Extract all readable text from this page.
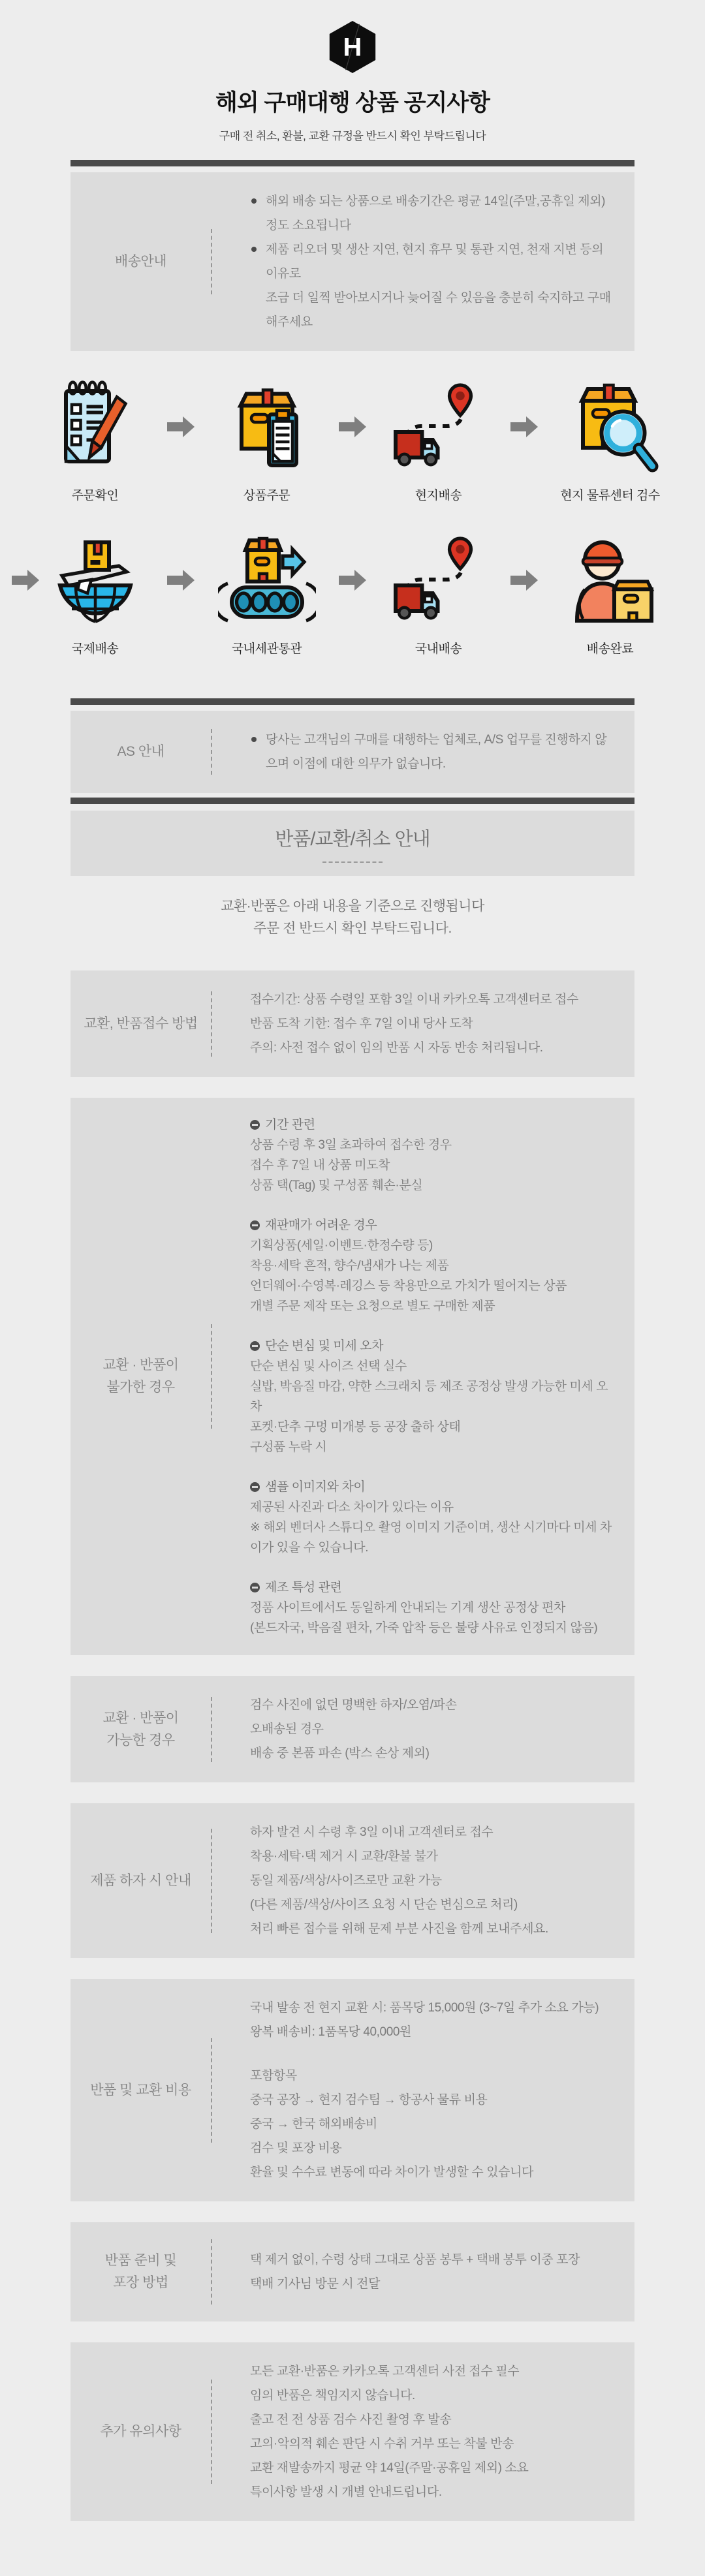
H
해외 구매대행 상품 공지사항
구매 전 취소, 환불, 교환 규정을 반드시 확인 부탁드립니다
배송안내
해외 배송 되는 상품으로 배송기간은 평균 14일(주말,공휴일 제외) 정도 소요됩니다
제품 리오더 및 생산 지연, 현지 휴무 및 통관 지연, 천재 지변 등의 이유로
조금 더 일찍 받아보시거나 늦어질 수 있음을 충분히 숙지하고 구매해주세요
주문확인	상품주문	현지배송	현지 물류센터 검수
국제배송	국내세관통관	국내배송	배송완료
AS 안내
당사는 고객님의 구매를 대행하는 업체로, A/S 업무를 진행하지 않으며 이점에 대한 의무가 없습니다.
반품/교환/취소 안내
교환·반품은 아래 내용을 기준으로 진행됩니다
주문 전 반드시 확인 부탁드립니다.
교환, 반품접수 방법
접수기간: 상품 수령일 포함 3일 이내 카카오톡 고객센터로 접수
반품 도착 기한: 접수 후 7일 이내 당사 도착
주의: 사전 접수 없이 임의 반품 시 자동 반송 처리됩니다.
교환 · 반품이
불가한 경우
기간 관련
상품 수령 후 3일 초과하여 접수한 경우
접수 후 7일 내 상품 미도착
상품 택(Tag) 및 구성품 훼손·분실
재판매가 어려운 경우
기획상품(세일·이벤트·한정수량 등)
착용·세탁 흔적, 향수/냄새가 나는 제품
언더웨어·수영복·레깅스 등 착용만으로 가치가 떨어지는 상품
개별 주문 제작 또는 요청으로 별도 구매한 제품
단순 변심 및 미세 오차
단순 변심 및 사이즈 선택 실수
실밥, 박음질 마감, 약한 스크래치 등 제조 공정상 발생 가능한 미세 오차
포켓·단추 구멍 미개봉 등 공장 출하 상태
구성품 누락 시
샘플 이미지와 차이
제공된 사진과 다소 차이가 있다는 이유
※ 해외 벤더사 스튜디오 촬영 이미지 기준이며, 생산 시기마다 미세 차이가 있을 수 있습니다.
제조 특성 관련
정품 사이트에서도 동일하게 안내되는 기계 생산 공정상 편차
(본드자국, 박음질 편차, 가죽 압착 등은 불량 사유로 인정되지 않음)
교환 · 반품이
가능한 경우
검수 사진에 없던 명백한 하자/오염/파손
오배송된 경우
배송 중 본품 파손 (박스 손상 제외)
제품 하자 시 안내
하자 발견 시 수령 후 3일 이내 고객센터로 접수
착용·세탁·택 제거 시 교환/환불 불가
동일 제품/색상/사이즈로만 교환 가능
(다른 제품/색상/사이즈 요청 시 단순 변심으로 처리)
처리 빠른 접수를 위해 문제 부분 사진을 함께 보내주세요.
반품 및 교환 비용
국내 발송 전 현지 교환 시: 품목당 15,000원 (3~7일 추가 소요 가능)
왕복 배송비: 1품목당 40,000원
포함항목
중국 공장 → 현지 검수팀 → 항공사 물류 비용
중국 → 한국 해외배송비
검수 및 포장 비용
환율 및 수수료 변동에 따라 차이가 발생할 수 있습니다
반품 준비 및
포장 방법
택 제거 없이, 수령 상태 그대로 상품 봉투 + 택배 봉투 이중 포장
택배 기사님 방문 시 전달
추가 유의사항
모든 교환·반품은 카카오톡 고객센터 사전 접수 필수
임의 반품은 책임지지 않습니다.
출고 전 전 상품 검수 사진 촬영 후 발송
고의·악의적 훼손 판단 시 수취 거부 또는 착불 반송
교환 재발송까지 평균 약 14일(주말·공휴일 제외) 소요
특이사항 발생 시 개별 안내드립니다.
